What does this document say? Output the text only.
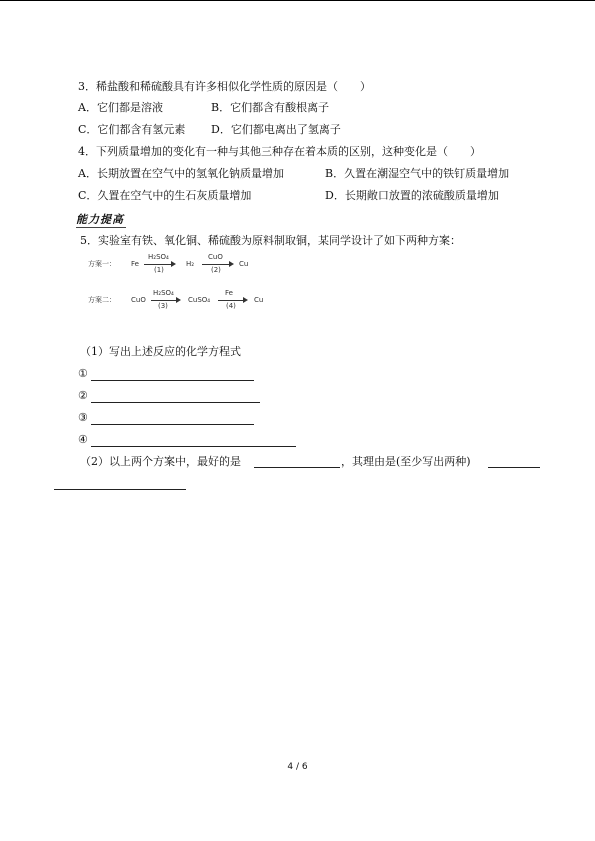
3．稀盐酸和稀硫酸具有许多相似化学性质的原因是（　　）
A．它们都是溶液	B．它们都含有酸根离子
C．它们都含有氢元素 D．它们都电离出了氢离子
4．下列质量增加的变化有一种与其他三种存在着本质的区别，这种变化是（　　）
A．长期放置在空气中的氢氧化钠质量增加	B．久置在潮湿空气中的铁钉质量增加
C．久置在空气中的生石灰质量增加	D．长期敞口放置的浓硫酸质量增加
能力提高
5．实验室有铁、氧化铜、稀硫酸为原料制取铜，某同学设计了如下两种方案：
方案一： Fe
H₂SO₄
(1)
H₂
CuO
(2)
Cu
方案二： CuO
H₂SO₄
(3)
CuSO₄
Fe
(4)
Cu
（1）写出上述反应的化学方程式
①
②
③
④
（2）以上两个方案中，最好的是	，其理由是(至少写出两种)
4 / 6
